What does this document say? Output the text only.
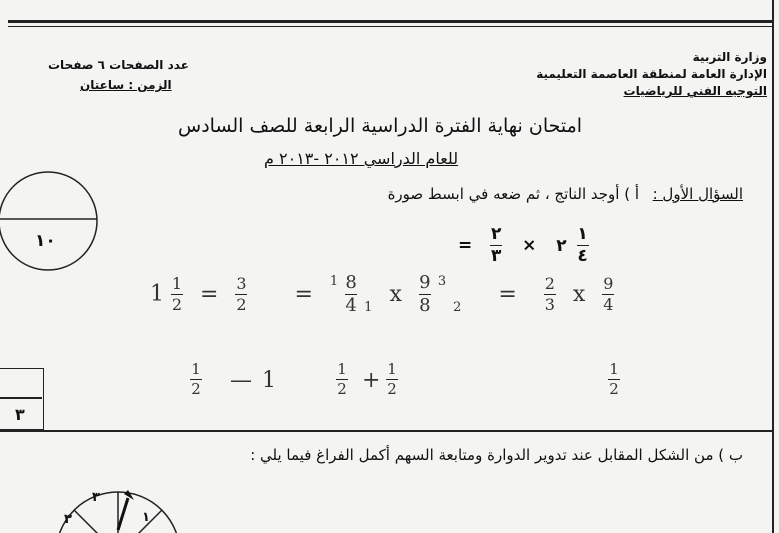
وزارة التربية
الإدارة العامة لمنطقة العاصمة التعليمية
التوجيه الفني للرياضيات
عدد الصفحات ٦ صفحات
الزمن : ساعتان
امتحان نهاية الفترة الدراسية الرابعة للصف السادس
للعام الدراسي ٢٠١٢ -٢٠١٣ م
١٠
٣
السؤال الأول :
أ ) أوجد الناتج ، ثم ضعه في ابسط صورة
= $\frac{٢}{٣}$ × ٢ $\frac{١}{٤}$
$1 \frac{1}{2} = \frac{3}{2} = ^1 \frac{8}{4} 1$ x $\frac{9}{8} ^3$ $2 = \frac{2}{3}$ x $\frac{9}{4}$
1
2 — 1	1
2 + 1
2
1
2
ب ) من الشكل المقابل عند تدوير الدوارة ومتابعة السهم أكمل الفراغ فيما يلي :
٣
١
٣
